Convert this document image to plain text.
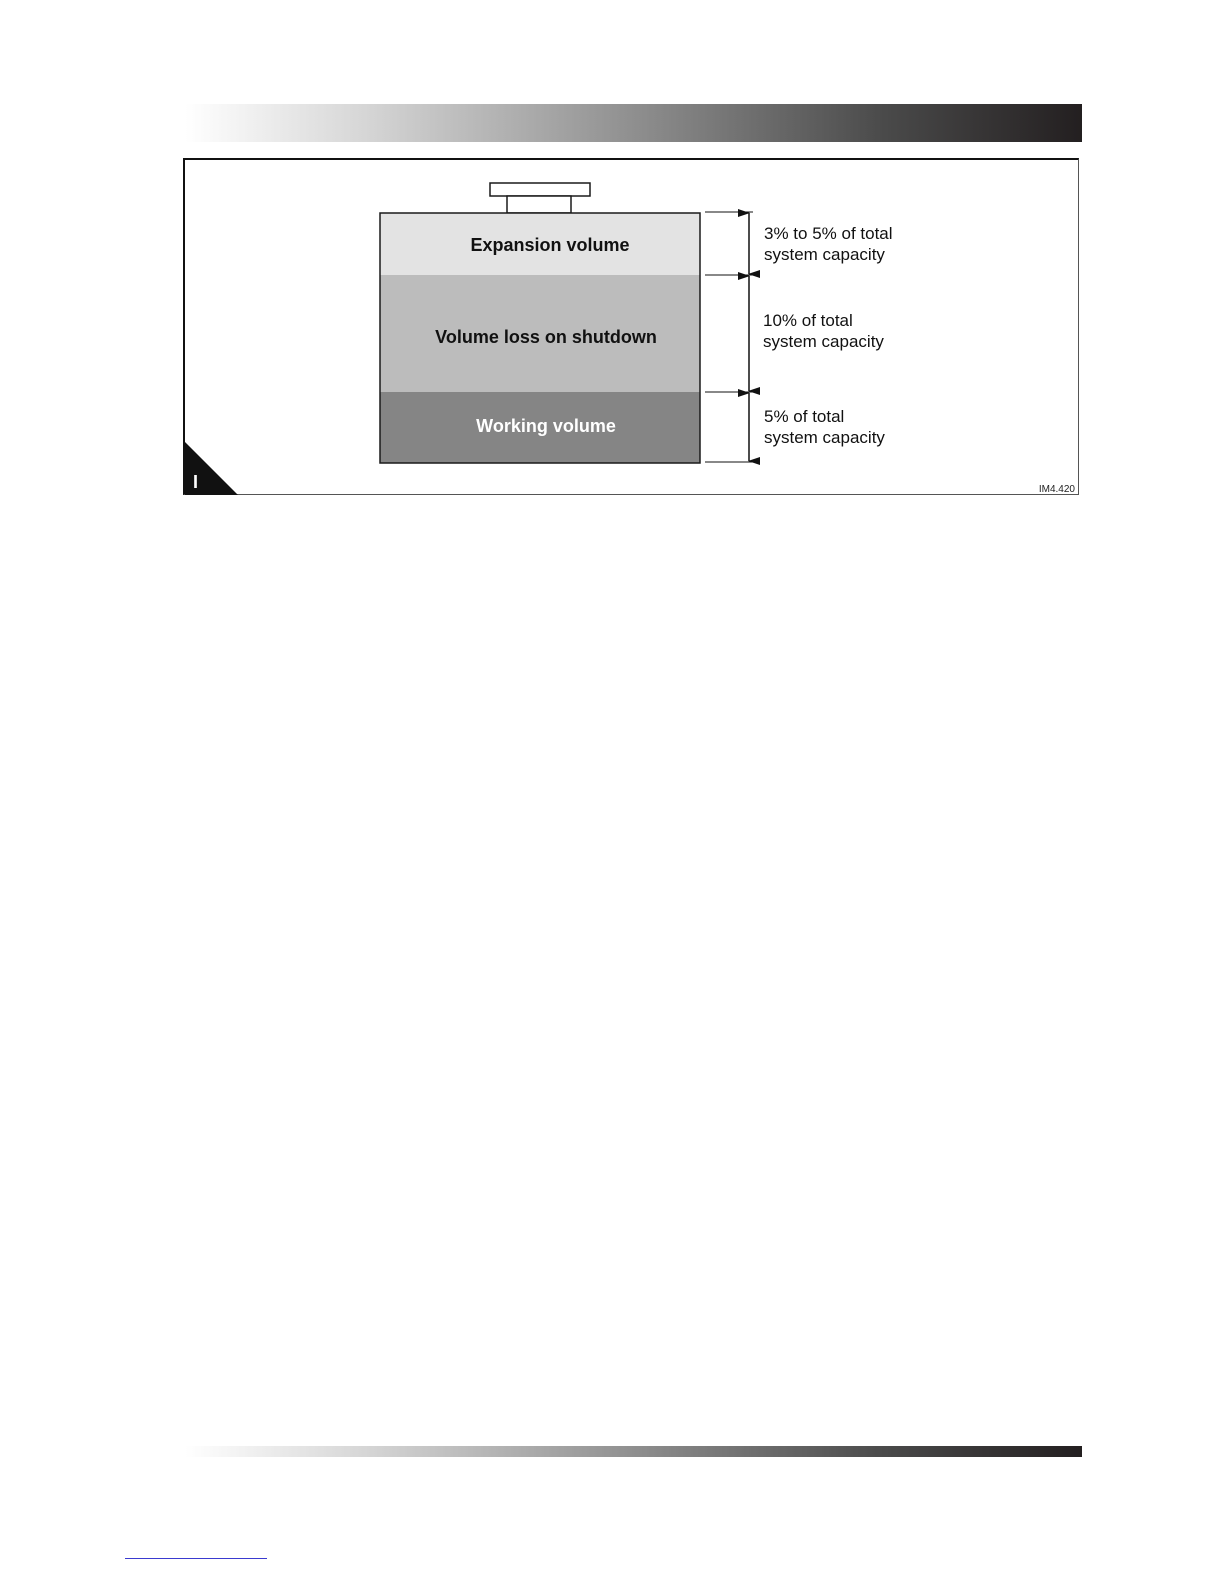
Expansion volume
Volume loss on shutdown
Working volume
3% to 5% of total
system capacity
10% of total
system capacity
5% of total
system capacity
I	IM4.420
